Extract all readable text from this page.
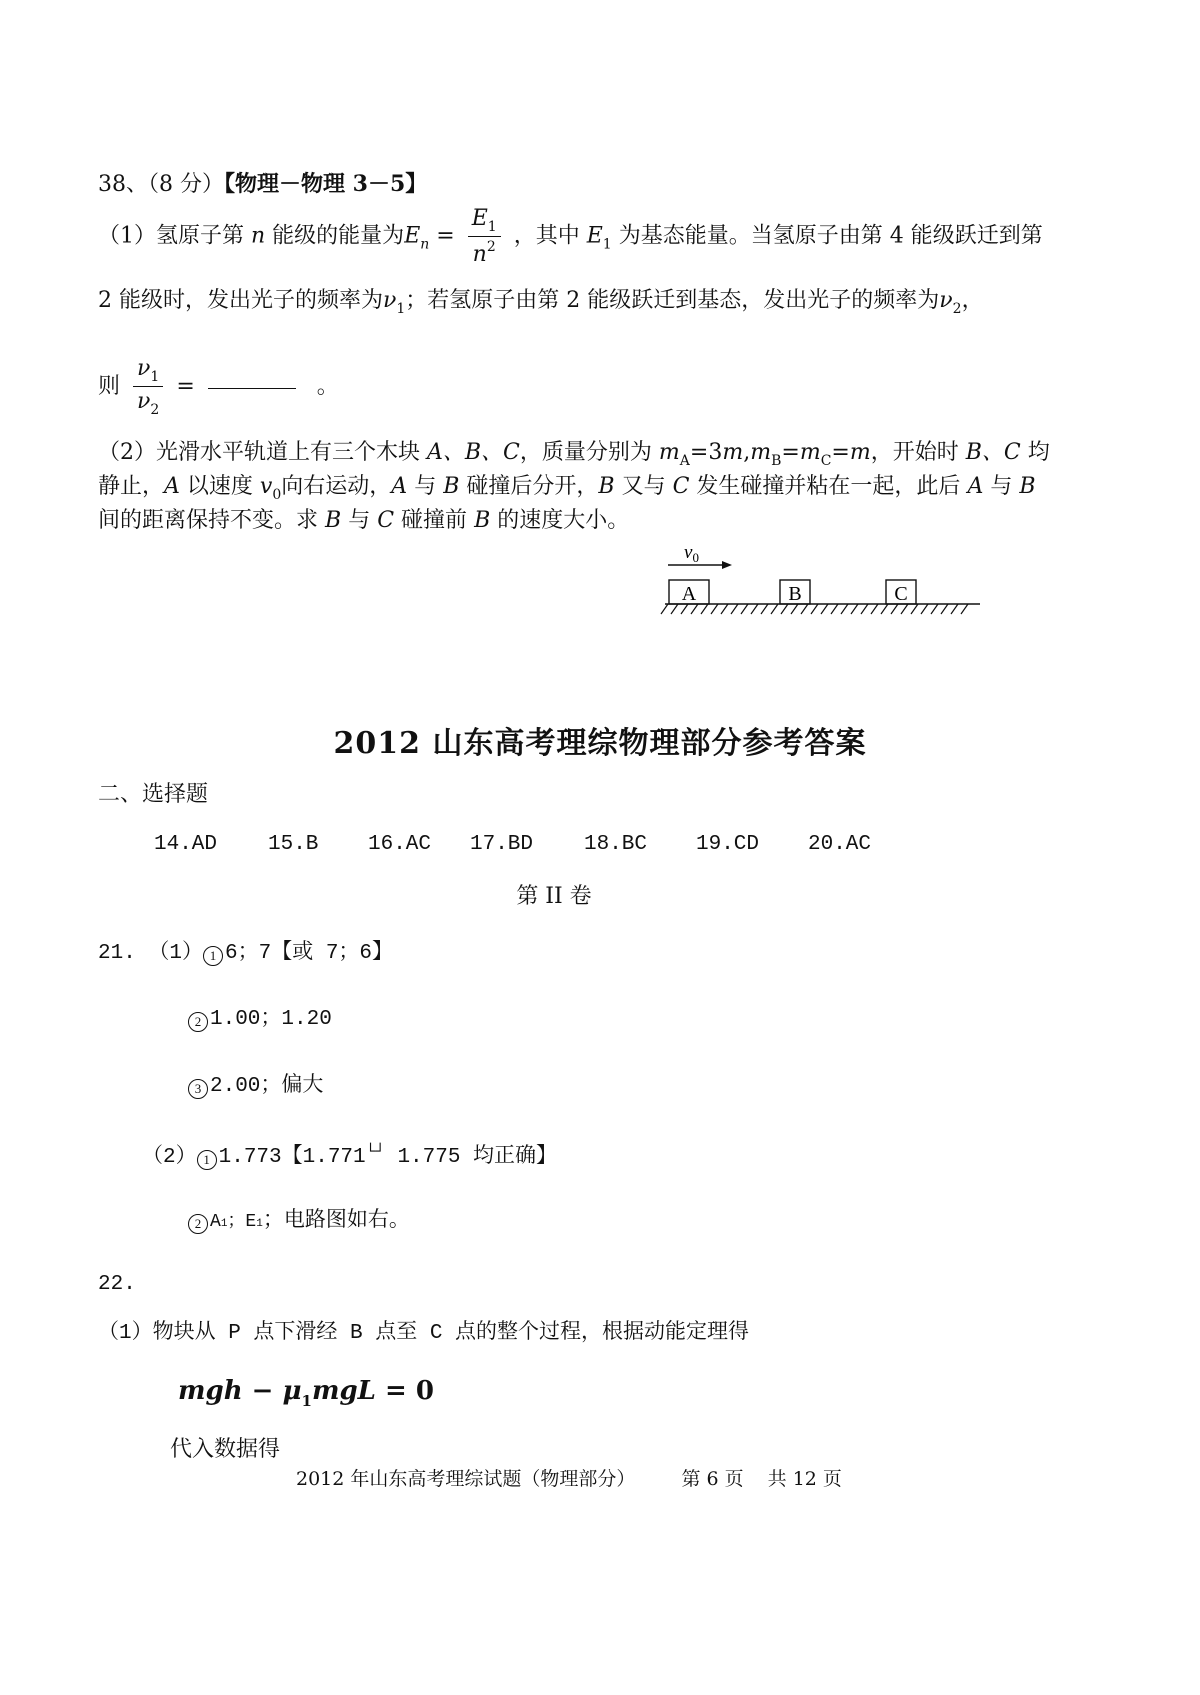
38、（8 分）【物理－物理 3－5】
（1）氢原子第 n 能级的能量为$E_n = \frac{E_1}{n^2}$ ，其中 $E_1$ 为基态能量。当氢原子由第 4 能级跃迁到第
2 能级时，发出光子的频率为$\nu_1$；若氢原子由第 2 能级跃迁到基态，发出光子的频率为$\nu_2$，
则 $\frac{\nu_1}{\nu_2}$ =	。
（2）光滑水平轨道上有三个木块 A、B、C，质量分别为 $m_A=3m,m_B=m_C=m$，开始时 B、C 均
静止，A 以速度 $v_0$向右运动，A 与 B 碰撞后分开，B 又与 C 发生碰撞并粘在一起，此后 A 与 B
间的距离保持不变。求 B 与 C 碰撞前 B 的速度大小。
$v_0$
A	B	C
2012 山东高考理综物理部分参考答案
二、选择题
14.AD 15.B 16.AC 17.BD 18.BC 19.CD 20.AC
第 II 卷
21. （1） 1 6；7【或 7；6】
2 1.00；1.20
3 2.00；偏大
（2） 1 1.773【1.771└┘ 1.775 均正确】
2 A1；E1；电路图如右。
22.
（1）物块从 P 点下滑经 B 点至 C 点的整个过程，根据动能定理得
mgh − μ1mgL = 0
代入数据得
2012 年山东高考理综试题（物理部分） 第 6 页 共 12 页
